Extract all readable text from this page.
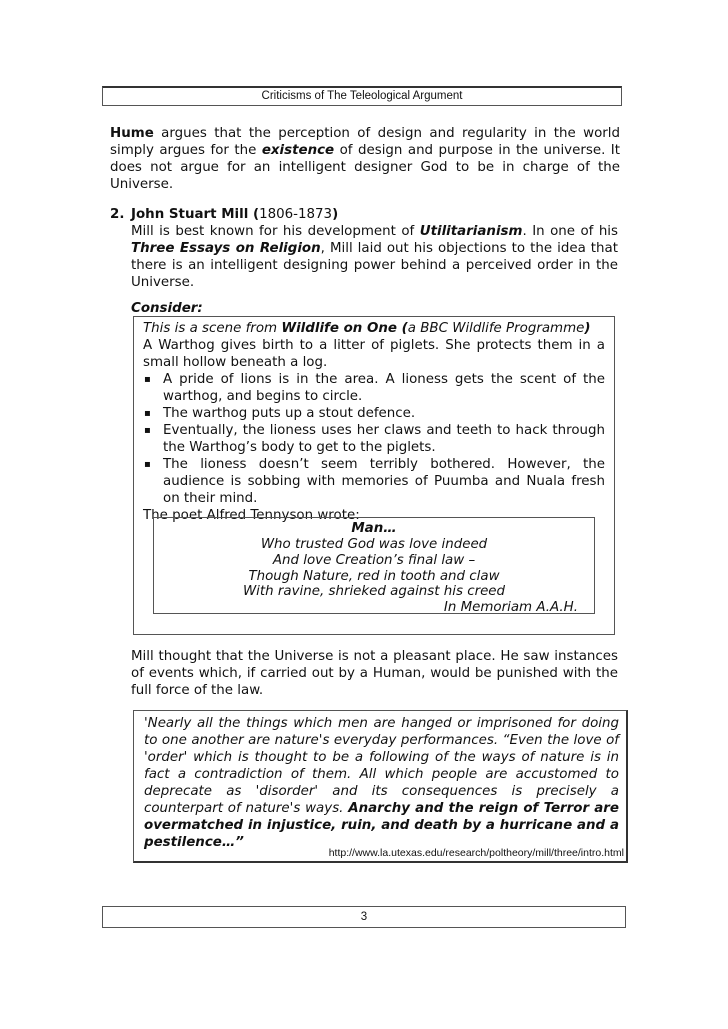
Criticisms of The Teleological Argument

Hume argues that the perception of design and regularity in the world simply argues for the existence of design and purpose in the universe. It does not argue for an intelligent designer God to be in charge of the Universe.

2. John Stuart Mill (1806-1873)

Mill is best known for his development of Utilitarianism. In one of his Three Essays on Religion, Mill laid out his objections to the idea that there is an intelligent designing power behind a perceived order in the Universe.

Consider:

This is a scene from Wildlife on One (a BBC Wildlife Programme)

A Warthog gives birth to a litter of piglets. She protects them in a small hollow beneath a log.

▪ A pride of lions is in the area. A lioness gets the scent of the warthog, and begins to circle.
▪ The warthog puts up a stout defence.
▪ Eventually, the lioness uses her claws and teeth to hack through the Warthog’s body to get to the piglets.
▪ The lioness doesn’t seem terribly bothered. However, the audience is sobbing with memories of Puumba and Nuala fresh on their mind.

The poet Alfred Tennyson wrote:

Man…
Who trusted God was love indeed
And love Creation’s final law –
Though Nature, red in tooth and claw
With ravine, shrieked against his creed
In Memoriam A.A.H.

Mill thought that the Universe is not a pleasant place. He saw instances of events which, if carried out by a Human, would be punished with the full force of the law.

'Nearly all the things which men are hanged or imprisoned for doing to one another are nature's everyday performances. “Even the love of 'order' which is thought to be a following of the ways of nature is in fact a contradiction of them. All which people are accustomed to deprecate as 'disorder' and its consequences is precisely a counterpart of nature's ways. Anarchy and the reign of Terror are overmatched in injustice, ruin, and death by a hurricane and a pestilence…”

http://www.la.utexas.edu/research/poltheory/mill/three/intro.html
3
